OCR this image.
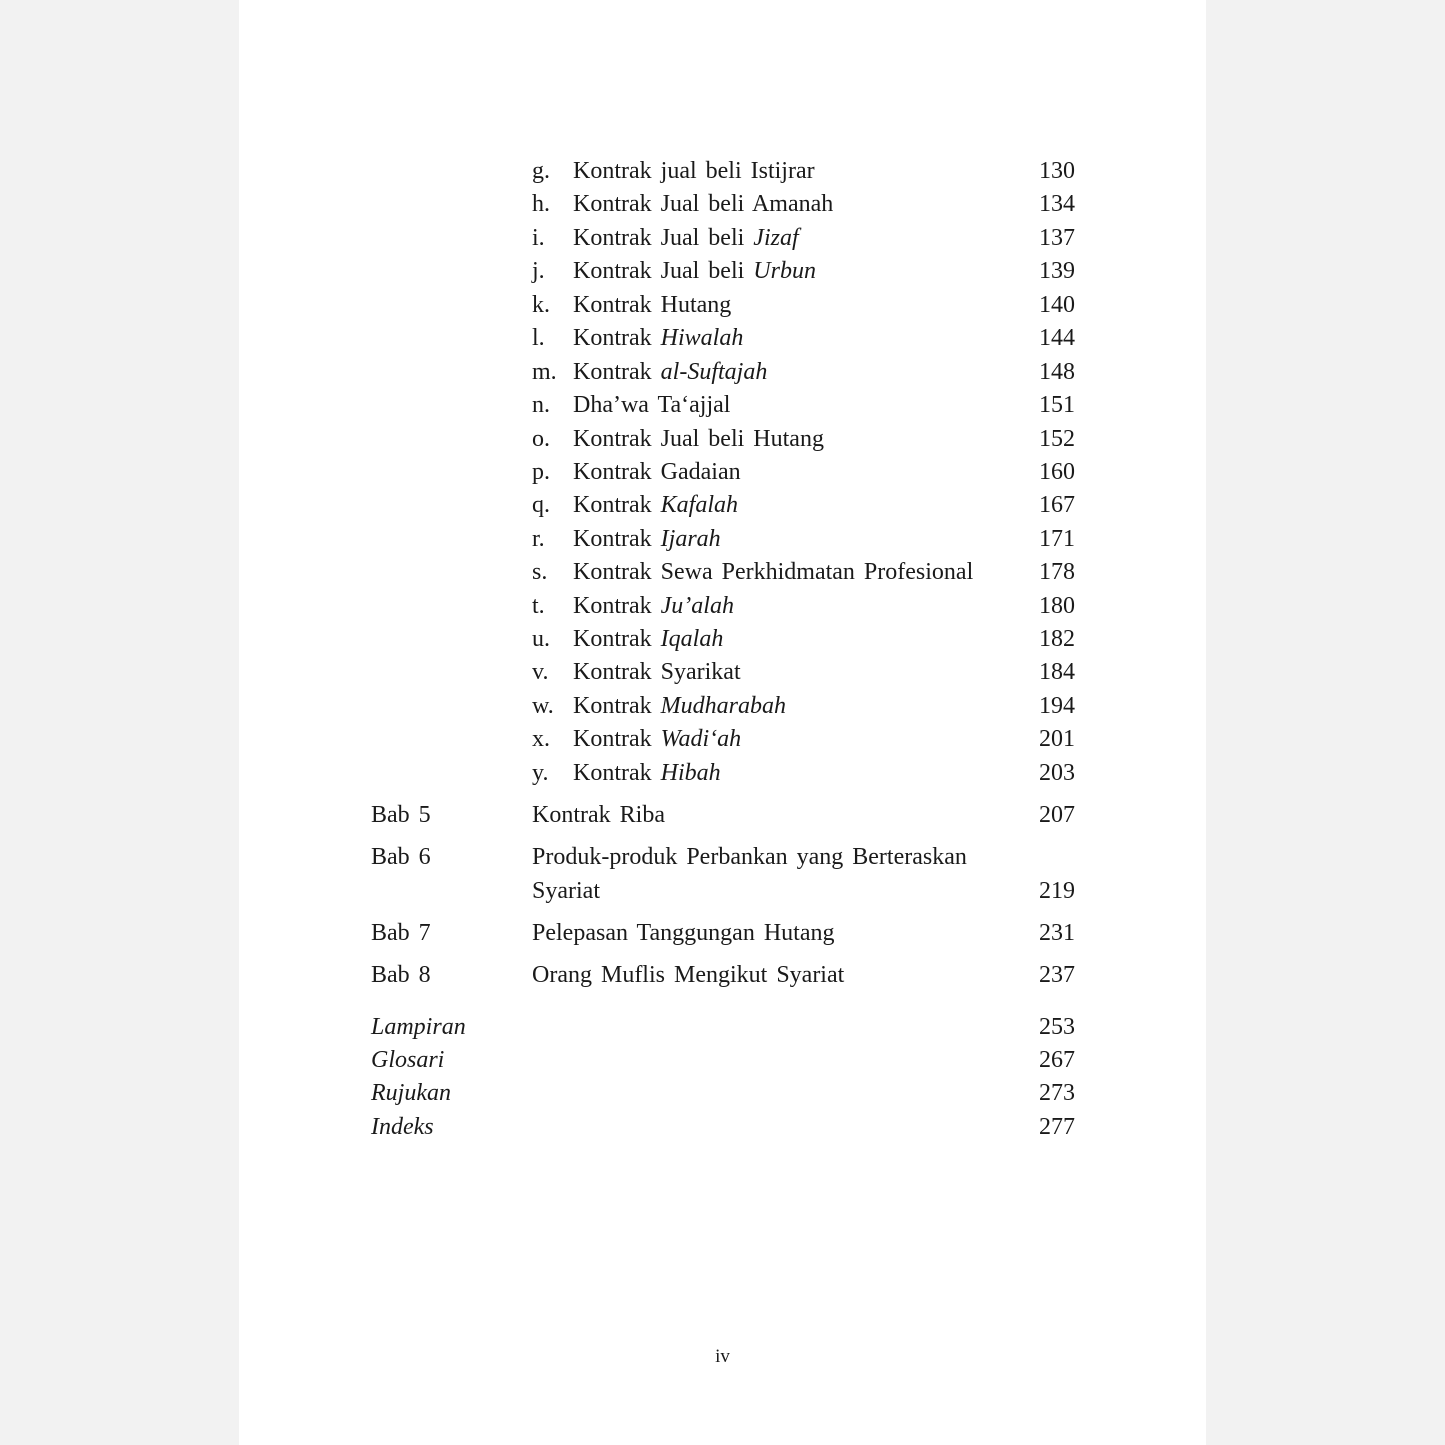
g. Kontrak jual beli Istijrar	130
h. Kontrak Jual beli Amanah	134
i. Kontrak Jual beli Jizaf	137
j. Kontrak Jual beli Urbun	139
k. Kontrak Hutang	140
l. Kontrak Hiwalah	144
m. Kontrak al-Suftajah	148
n. Dha’wa Ta‘ajjal	151
o. Kontrak Jual beli Hutang	152
p. Kontrak Gadaian	160
q. Kontrak Kafalah	167
r. Kontrak Ijarah	171
s. Kontrak Sewa Perkhidmatan Profesional	178
t. Kontrak Ju’alah	180
u. Kontrak Iqalah	182
v. Kontrak Syarikat	184
w. Kontrak Mudharabah	194
x. Kontrak Wadi‘ah	201
y. Kontrak Hibah	203
Bab 5	Kontrak Riba	207
Bab 6	Produk-produk Perbankan yang Berteraskan
Syariat	219
Bab 7	Pelepasan Tanggungan Hutang	231
Bab 8	Orang Muflis Mengikut Syariat	237
Lampiran	253
Glosari	267
Rujukan	273
Indeks	277
iv
